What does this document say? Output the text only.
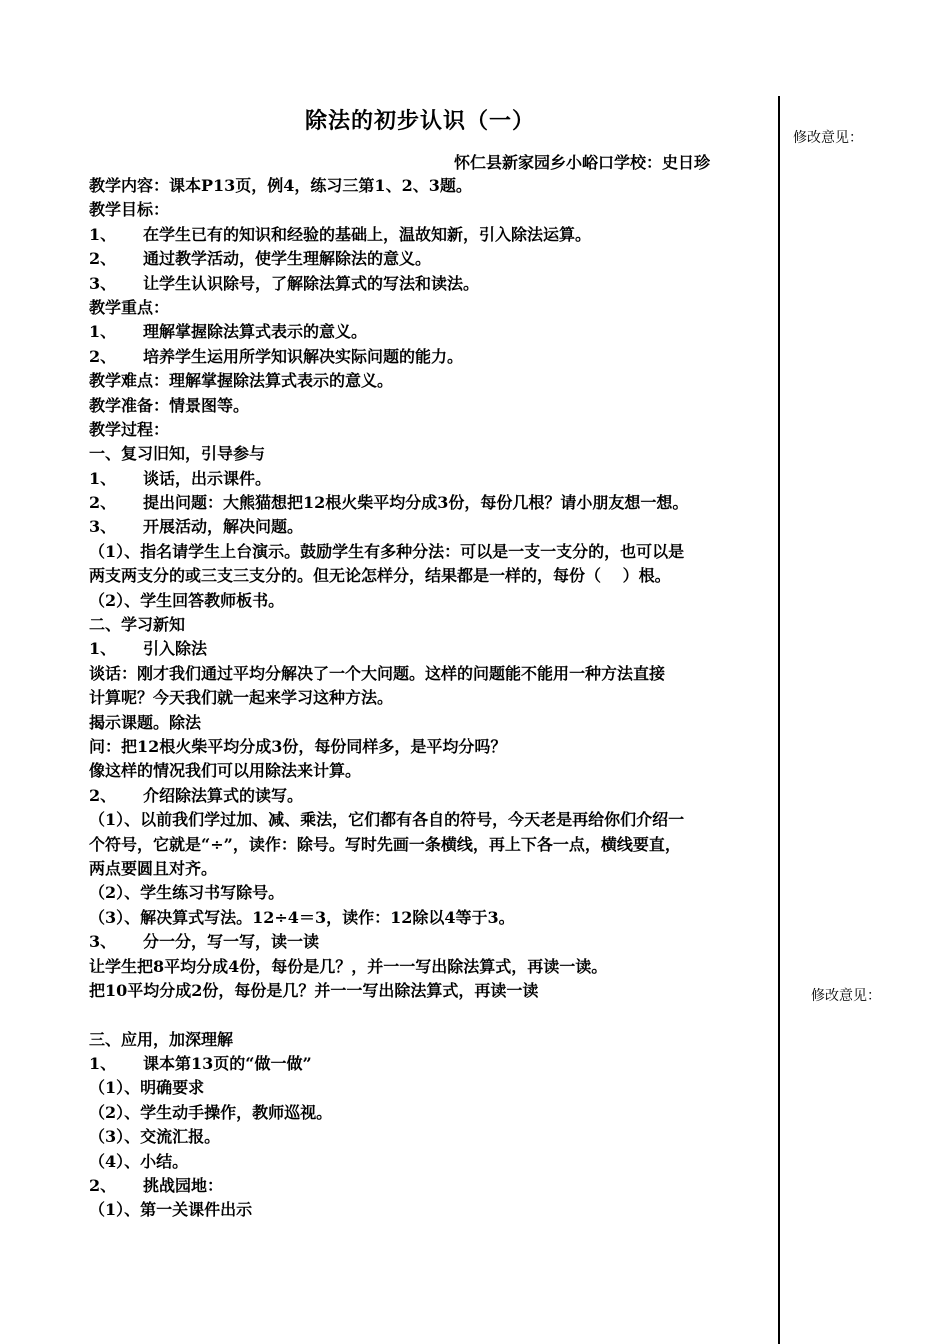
除法的初步认识（一）
怀仁县新家园乡小峪口学校：史日珍
修改意见：
修改意见：
教学内容：课本P13页，例4，练习三第1、2、3题。
教学目标：
1、 在学生已有的知识和经验的基础上，温故知新，引入除法运算。
2、 通过教学活动，使学生理解除法的意义。
3、 让学生认识除号，了解除法算式的写法和读法。
教学重点：
1、 理解掌握除法算式表示的意义。
2、 培养学生运用所学知识解决实际问题的能力。
教学难点：理解掌握除法算式表示的意义。
教学准备：情景图等。
教学过程：
一、复习旧知，引导参与
1、 谈话，出示课件。
2、 提出问题：大熊猫想把12根火柴平均分成3份，每份几根？请小朋友想一想。
3、 开展活动，解决问题。
（1）、指名请学生上台演示。鼓励学生有多种分法：可以是一支一支分的，也可以是
两支两支分的或三支三支分的。但无论怎样分，结果都是一样的，每份（　 ）根。
（2）、学生回答教师板书。
二、学习新知
1、 引入除法
谈话：刚才我们通过平均分解决了一个大问题。这样的问题能不能用一种方法直接
计算呢？今天我们就一起来学习这种方法。
揭示课题。除法
问：把12根火柴平均分成3份，每份同样多，是平均分吗？
像这样的情况我们可以用除法来计算。
2、 介绍除法算式的读写。
（1）、以前我们学过加、减、乘法，它们都有各自的符号，今天老是再给你们介绍一
个符号，它就是“÷”，读作：除号。写时先画一条横线，再上下各一点，横线要直，
两点要圆且对齐。
（2）、学生练习书写除号。
（3）、解决算式写法。12÷4＝3，读作：12除以4等于3。
3、 分一分，写一写，读一读
让学生把8平均分成4份，每份是几？，并一一写出除法算式，再读一读。
把10平均分成2份，每份是几？并一一写出除法算式，再读一读
三、应用，加深理解
1、 课本第13页的“做一做”
（1）、明确要求
（2）、学生动手操作，教师巡视。
（3）、交流汇报。
（4）、小结。
2、 挑战园地：
（1）、第一关课件出示
